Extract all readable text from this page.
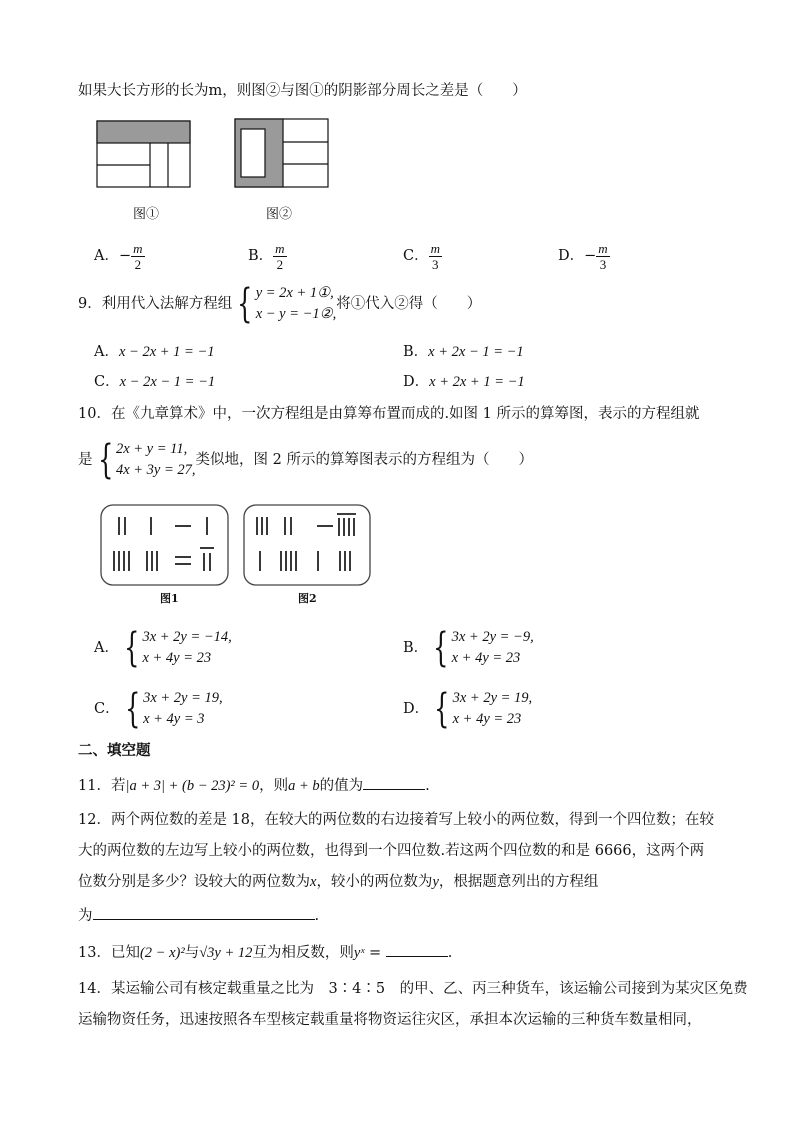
如果大长方形的长为m，则图②与图①的阴影部分周长之差是（　　）
图①	图②
A．− $\frac{m}{2}$	B． $\frac{m}{2}$	C． $\frac{m}{3}$	D．− $\frac{m}{3}$
9．利用代入法解方程组 { y = 2x + 1①,
x − y = −1②,
将①代入②得（　　）
A．x − 2x + 1 = −1	B．x + 2x − 1 = −1
C．x − 2x − 1 = −1	D．x + 2x + 1 = −1
10．在《九章算术》中，一次方程组是由算筹布置而成的.如图 1 所示的算筹图，表示的方程组就
是 { 2x + y = 11,
4x + 3y = 27,
类似地，图 2 所示的算筹图表示的方程组为（　　）
图1	图2
A． { 3x + 2y = −14,
x + 4y = 23
B． { 3x + 2y = −9,
x + 4y = 23
C． { 3x + 2y = 19,
x + 4y = 3
D． { 3x + 2y = 19,
x + 4y = 23
二、填空题
11．若|a + 3| + (b − 23)² = 0，则a + b的值为	.
12．两个两位数的差是 18，在较大的两位数的右边接着写上较小的两位数，得到一个四位数；在较
大的两位数的左边写上较小的两位数，也得到一个四位数.若这两个四位数的和是 6666，这两个两
位数分别是多少？设较大的两位数为x，较小的两位数为y，根据题意列出的方程组
为	.
13．已知(2 − x)²与√3y + 12互为相反数，则yˣ =	.
14．某运输公司有核定载重量之比为　3∶4∶5　的甲、乙、丙三种货车，该运输公司接到为某灾区免费
运输物资任务，迅速按照各车型核定载重量将物资运往灾区，承担本次运输的三种货车数量相同，
